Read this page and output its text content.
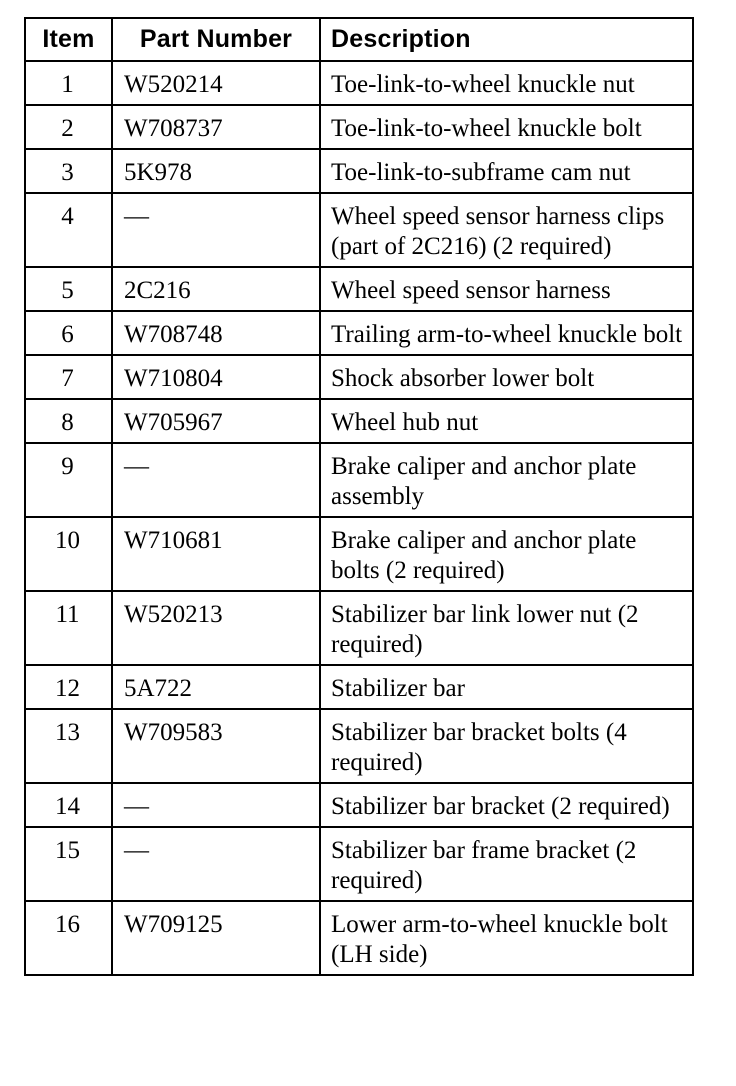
Item	Part Number	Description
1	W520214	Toe-link-to-wheel knuckle nut
2	W708737	Toe-link-to-wheel knuckle bolt
3	5K978	Toe-link-to-subframe cam nut
4	—	Wheel speed sensor harness clips (part of 2C216) (2 required)
5	2C216	Wheel speed sensor harness
6	W708748	Trailing arm-to-wheel knuckle bolt
7	W710804	Shock absorber lower bolt
8	W705967	Wheel hub nut
9	—	Brake caliper and anchor plate assembly
10	W710681	Brake caliper and anchor plate bolts (2 required)
11	W520213	Stabilizer bar link lower nut (2 required)
12	5A722	Stabilizer bar
13	W709583	Stabilizer bar bracket bolts (4 required)
14	—	Stabilizer bar bracket (2 required)
15	—	Stabilizer bar frame bracket (2 required)
16	W709125	Lower arm-to-wheel knuckle bolt (LH side)
